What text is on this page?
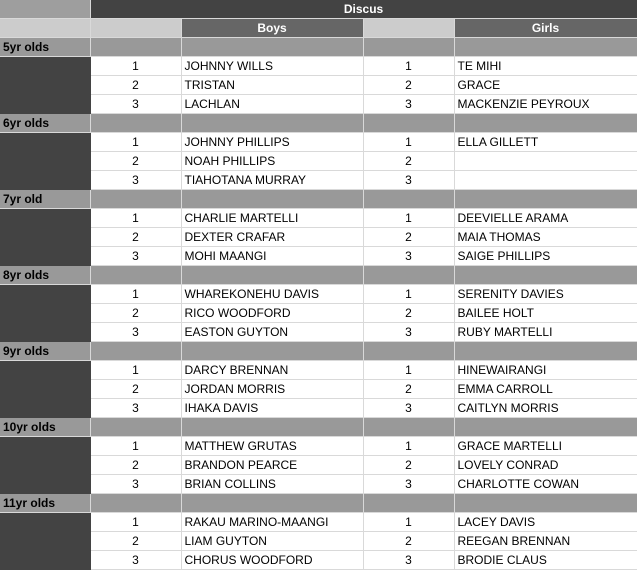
	Discus			
		Boys		Girls
5yr olds				
	1	JOHNNY WILLS	1	TE MIHI
	2	TRISTAN	2	GRACE
	3	LACHLAN	3	MACKENZIE PEYROUX
6yr olds				
	1	JOHNNY PHILLIPS	1	ELLA GILLETT
	2	NOAH PHILLIPS	2	
	3	TIAHOTANA MURRAY	3	
7yr old				
	1	CHARLIE MARTELLI	1	DEEVIELLE ARAMA
	2	DEXTER CRAFAR	2	MAIA THOMAS
	3	MOHI MAANGI	3	SAIGE PHILLIPS
8yr olds				
	1	WHAREKONEHU DAVIS	1	SERENITY DAVIES
	2	RICO WOODFORD	2	BAILEE HOLT
	3	EASTON GUYTON	3	RUBY MARTELLI
9yr olds				
	1	DARCY BRENNAN	1	HINEWAIRANGI
	2	JORDAN MORRIS	2	EMMA CARROLL
	3	IHAKA DAVIS	3	CAITLYN MORRIS
10yr olds				
	1	MATTHEW GRUTAS	1	GRACE MARTELLI
	2	BRANDON PEARCE	2	LOVELY CONRAD
	3	BRIAN COLLINS	3	CHARLOTTE COWAN
11yr olds				
	1	RAKAU MARINO-MAANGI	1	LACEY DAVIS
	2	LIAM GUYTON	2	REEGAN BRENNAN
	3	CHORUS WOODFORD	3	BRODIE CLAUS
